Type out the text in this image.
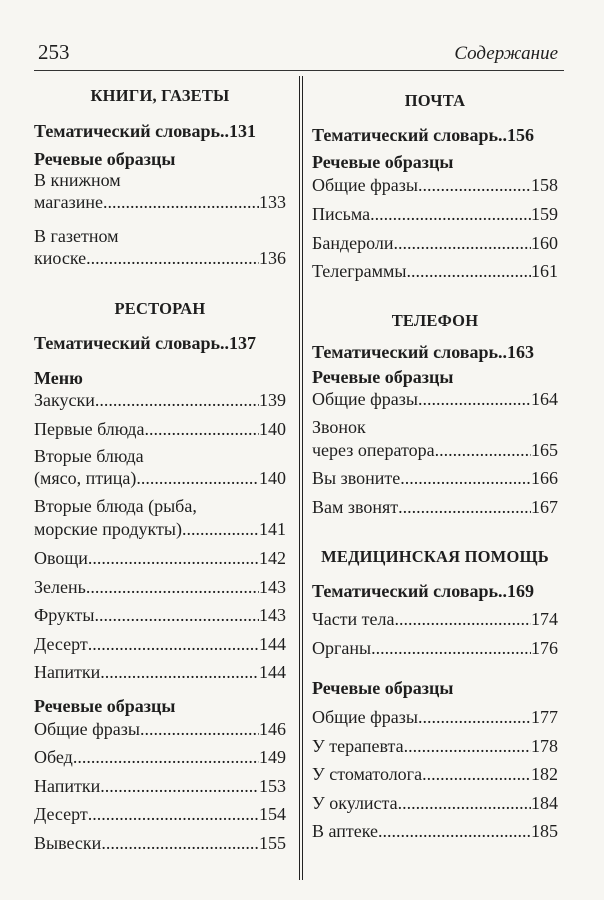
253	Содержание
КНИГИ, ГАЗЕТЫ
Тематический словарь.. 131
Речевые образцы
В книжном
магазине .....	133
В газетном
киоске .....	136
РЕСТОРАН
Тематический словарь.. 137
Меню
Закуски .....	139
Первые блюда .....	140
Вторые блюда
(мясо, птица) .....	140
Вторые блюда (рыба,
морские продукты) .....	141
Овощи .....	142
Зелень .....	143
Фрукты .....	143
Десерт .....	144
Напитки .....	144
Речевые образцы
Общие фразы .....	146
Обед .....	149
Напитки .....	153
Десерт .....	154
Вывески .....	155
ПОЧТА
Тематический словарь.. 156
Речевые образцы
Общие фразы .....	158
Письма .....	159
Бандероли .....	160
Телеграммы .....	161
ТЕЛЕФОН
Тематический словарь.. 163
Речевые образцы
Общие фразы .....	164
Звонок
через оператора .....	165
Вы звоните .....	166
Вам звонят .....	167
МЕДИЦИНСКАЯ ПОМОЩЬ
Тематический словарь.. 169
Части тела .....	174
Органы .....	176
Речевые образцы
Общие фразы .....	177
У терапевта .....	178
У стоматолога .....	182
У окулиста .....	184
В аптеке .....	185
